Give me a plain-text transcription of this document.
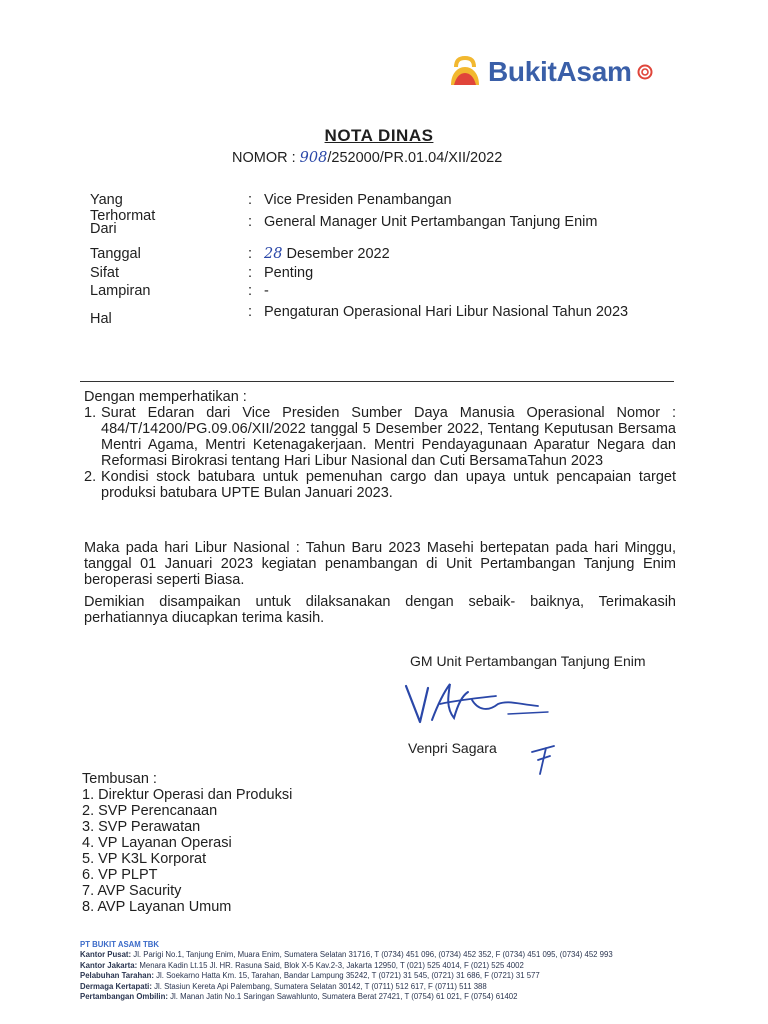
BukitAsam
NOTA DINAS
NOMOR : 908/252000/PR.01.04/XII/2022
Yang Terhormat
: Vice Presiden Penambangan
Dari	: General Manager Unit Pertambangan Tanjung Enim
Tanggal	: 28 Desember 2022
Sifat	: Penting
Lampiran	: -
Hal	: Pengaturan Operasional Hari Libur Nasional Tahun 2023
Dengan memperhatikan :
1. Surat Edaran dari Vice Presiden Sumber Daya Manusia Operasional Nomor : 484/T/14200/PG.09.06/XII/2022 tanggal 5 Desember 2022, Tentang Keputusan Bersama Mentri Agama, Mentri Ketenagakerjaan. Mentri Pendayagunaan Aparatur Negara dan Reformasi Birokrasi tentang Hari Libur Nasional dan Cuti BersamaTahun 2023
2. Kondisi stock batubara untuk pemenuhan cargo dan upaya untuk pencapaian target produksi batubara UPTE Bulan Januari 2023.
Maka pada hari Libur Nasional : Tahun Baru 2023 Masehi bertepatan pada hari Minggu, tanggal 01 Januari 2023 kegiatan penambangan di Unit Pertambangan Tanjung Enim beroperasi seperti Biasa.
Demikian disampaikan untuk dilaksanakan dengan sebaik- baiknya, Terimakasih perhatiannya diucapkan terima kasih.
GM Unit Pertambangan Tanjung Enim
Venpri Sagara
Tembusan :
1. Direktur Operasi dan Produksi
2. SVP Perencanaan
3. SVP Perawatan
4. VP Layanan Operasi
5. VP K3L Korporat
6. VP PLPT
7. AVP Sacurity
8. AVP Layanan Umum
PT BUKIT ASAM TBK
Kantor Pusat: Jl. Parigi No.1, Tanjung Enim, Muara Enim, Sumatera Selatan 31716, T (0734) 451 096, (0734) 452 352, F (0734) 451 095, (0734) 452 993
Kantor Jakarta: Menara Kadin Lt.15 Jl. HR. Rasuna Said, Blok X-5 Kav.2-3, Jakarta 12950, T (021) 525 4014, F (021) 525 4002
Pelabuhan Tarahan: Jl. Soekarno Hatta Km. 15, Tarahan, Bandar Lampung 35242, T (0721) 31 545, (0721) 31 686, F (0721) 31 577
Dermaga Kertapati: Jl. Stasiun Kereta Api Palembang, Sumatera Selatan 30142, T (0711) 512 617, F (0711) 511 388
Pertambangan Ombilin: Jl. Manan Jatin No.1 Saringan Sawahlunto, Sumatera Berat 27421, T (0754) 61 021, F (0754) 61402
